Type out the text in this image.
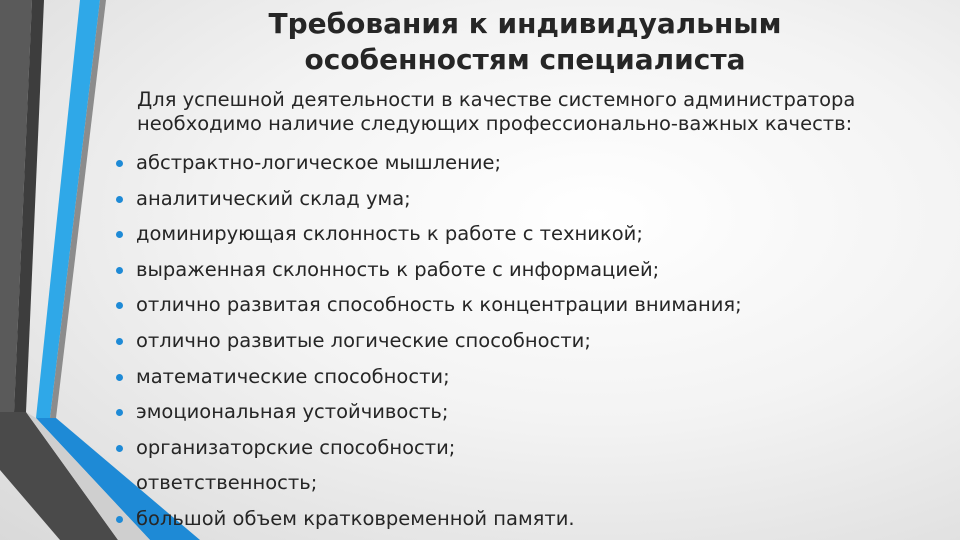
Требования к индивидуальным
особенностям специалиста

Для успешной деятельности в качестве системного администратора
необходимо наличие следующих профессионально-важных качеств:

абстрактно-логическое мышление;
аналитический склад ума;
доминирующая склонность к работе с техникой;
выраженная склонность к работе с информацией;
отлично развитая способность к концентрации внимания;
отлично развитые логические способности;
математические способности;
эмоциональная устойчивость;
организаторские способности;
ответственность;
большой объем кратковременной памяти.
